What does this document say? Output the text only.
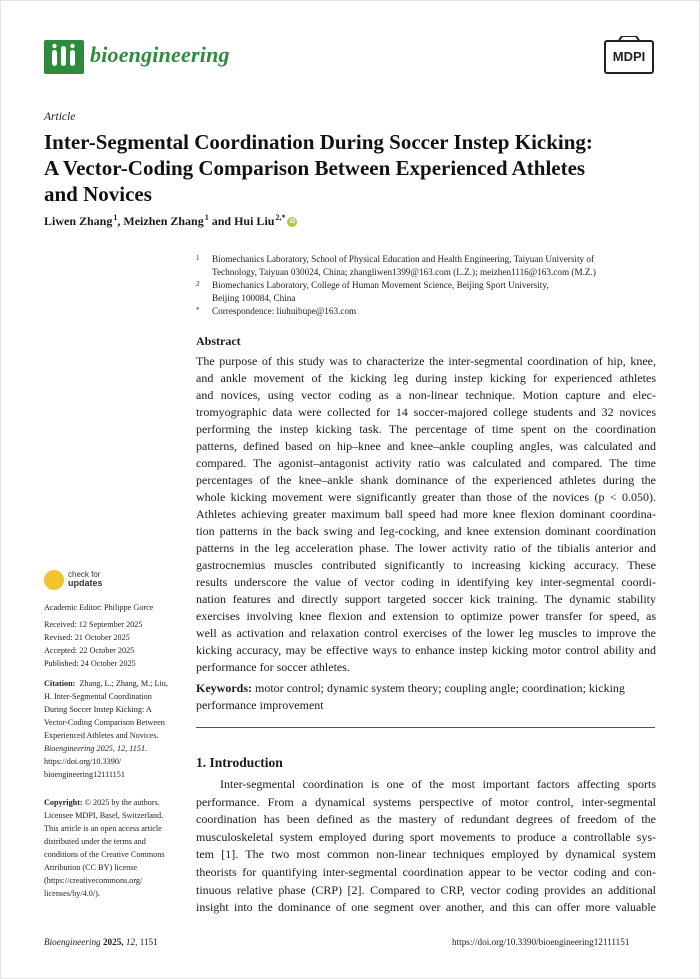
bioengineering	MDPI
Article
Inter-Segmental Coordination During Soccer Instep Kicking:
A Vector-Coding Comparison Between Experienced Athletes
and Novices
Liwen Zhang $^1$, Meizhen Zhang $^1$ and Hui Liu $^{2,*}$ iD
1 Biomechanics Laboratory, School of Physical Education and Health Engineering, Taiyuan University of
Technology, Taiyuan 030024, China; zhangliwen1399@163.com (L.Z.); meizhen1116@163.com (M.Z.)
2 Biomechanics Laboratory, College of Human Movement Science, Beijing Sport University,
Beijing 100084, China
* Correspondence: liuhuibupe@163.com
Abstract
The purpose of this study was to characterize the inter-segmental coordination of hip, knee,
and ankle movement of the kicking leg during instep kicking for experienced athletes
and novices, using vector coding as a non-linear technique. Motion capture and elec-
tromyographic data were collected for 14 soccer-majored college students and 32 novices
performing the instep kicking task. The percentage of time spent on the coordination
patterns, defined based on hip–knee and knee–ankle coupling angles, was calculated and
compared. The agonist–antagonist activity ratio was calculated and compared. The time
percentages of the knee–ankle shank dominance of the experienced athletes during the
whole kicking movement were significantly greater than those of the novices (p < 0.050).
Athletes achieving greater maximum ball speed had more knee flexion dominant coordina-
tion patterns in the back swing and leg-cocking, and knee extension dominant coordination
patterns in the leg acceleration phase. The lower activity ratio of the tibialis anterior and
gastrocnemius muscles contributed significantly to increasing kicking accuracy. These
results underscore the value of vector coding in identifying key inter-segmental coordi-
nation features and directly support targeted soccer kick training. The dynamic stability
exercises involving knee flexion and extension to optimize power transfer for speed, as
well as activation and relaxation control exercises of the lower leg muscles to improve the
kicking accuracy, may be effective ways to enhance instep kicking motor control ability and
performance for soccer athletes.
Keywords: motor control; dynamic system theory; coupling angle; coordination; kicking
performance improvement
1. Introduction
Inter-segmental coordination is one of the most important factors affecting sports
performance. From a dynamical systems perspective of motor control, inter-segmental
coordination has been defined as the mastery of redundant degrees of freedom of the
musculoskeletal system employed during sport movements to produce a controllable sys-
tem [1]. The two most common non-linear techniques employed by dynamical system
theorists for quantifying inter-segmental coordination appear to be vector coding and con-
tinuous relative phase (CRP) [2]. Compared to CRP, vector coding provides an additional
insight into the dominance of one segment over another, and this can offer more valuable
check for
updates
Academic Editor: Philippe Gorce
Received: 12 September 2025
Revised: 21 October 2025
Accepted: 22 October 2025
Published: 24 October 2025
Citation: Zhang, L.; Zhang, M.; Liu,
H. Inter-Segmental Coordination
During Soccer Instep Kicking: A
Vector-Coding Comparison Between
Experienced Athletes and Novices.
Bioengineering 2025, 12, 1151.
https://doi.org/10.3390/
bioengineering12111151
Copyright: © 2025 by the authors.
Licensee MDPI, Basel, Switzerland.
This article is an open access article
distributed under the terms and
conditions of the Creative Commons
Attribution (CC BY) license
(https://creativecommons.org/
licenses/by/4.0/).
Bioengineering 2025, 12, 1151	https://doi.org/10.3390/bioengineering12111151
